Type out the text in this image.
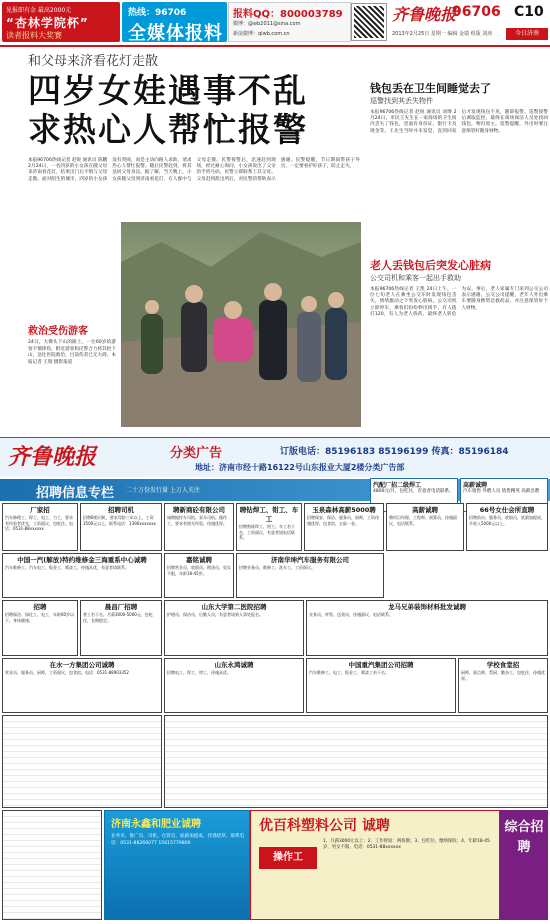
见报即有金 最高2000元
“杏林学院杯”
读者报料大奖赛
热线：96706
全媒体报料
报料QQ：800003789
微博：@wb2011@sina.com
新浪微博：qlwb.com.cn
齐鲁晚报
96706 C10
2013年2月25日 星期一 编辑 金瑞 组版 刘涛	今日济南
和父母来济看花灯走散
四岁女娃遇事不乱
求热心人帮忙报警
本报96706热线记者 赵锐 通讯员 陈鹏 2月24日，一名四岁的小女孩在随父母来济南看花灯，结果出门后不慎与父母走散。面对陌生的城市，四岁的小女孩没有哭闹，而是主动向路人求助，请求热心人帮忙报警。随后民警赶到，将其送回父母身边。据了解，当天晚上，小女孩随父母到济南看花灯，在人群中与父母走散。民警接警后，迅速赶到现场，经过耐心询问，小女孩说出了父亲的手机号码，民警立即联系上其父母。父母赶到派出所后，对民警的帮助表示感谢。民警提醒，节日期间带孩子外出，一定要看护好孩子，防止走失。
救治受伤游客
24日，大佛头下山的路上，一位60岁的游客不慎摔伤，附近游客和民警合力将其抬下山，送往医院救治，目前伤者已无大碍。本报记者 王瑞 摄影报道
钱包丢在卫生间睡觉去了
巡警找到其丢失物件
本报96706热线记者 赵锐 通讯员 刘博 2月24日，市民王先生在一家商场的卫生间内丢失了钱包，里面有身份证、银行卡及现金等。王先生当时并未发觉，直到回家后才发现钱包不见，随即报警。巡警接警后调取监控，最终在商场保洁人员处找回钱包，物归原主。巡警提醒，外出时要注意保管好随身财物。
老人丢钱包后突发心脏病
公交司机和乘客一起出手救助
本报96706热线记者 王凯 24日上午，一位七旬老人在乘坐公交车时发现钱包丢失，情绪激动之下突发心脏病。公交司机立即停车，乘客们纷纷伸出援手，有人拨打120，有人为老人找药，最终老人转危为安。事后，老人家属专门来到公交公司表示感谢。公交公司提醒，老年人外出乘车要随身携带急救药品，并注意保管好个人财物。
齐鲁晚报	分类广告	订版电话：85196183 85196199 传真：85196184
地址：济南市经十路16122号山东报业大厦2楼分类广告部
招聘信息专栏 二十万份发行量 上万人关注
汽配厂招二级焊工
4800元/月，包吃住，有意者电话联系。
高薪诚聘
汽车销售 外聘人员 销售精英 高薪急聘
厂家招

汽车修理工、焊工、电工、力工，要求有经验者优先，工资面议，包吃住。电话：0531-88xxxxxx

招聘司机

招聘B照司机，要求驾龄三年以上，工资3500元以上，联系电话：1396xxxxxxx

聘新商砼有限公司

诚聘搅拌车司机、泵车司机、操作工，要求有相关经验，待遇优厚。

聘钻焊工、钳工、车工

招聘熟练焊工、钳工、车工若干名，工资面议，有意者请电话联系。

玉泉森林高薪5000聘

招聘保安、保洁、服务员、厨师，工资待遇优厚，包食宿，五险一金。

高薪诚聘

聘项目经理、工程师、预算员，待遇面议，电话联系。

66号女仕会所直聘

招聘前台、服务员、收银员，底薪加提成，月收入5000元以上。

中国一汽(解放)特约维修金三海重系中心诚聘

汽车维修工、汽车电工、钣金工、喷漆工，待遇从优，有意者请联系。

嘉铭诚聘

招聘营业员、收银员、理货员，男女不限，年龄18-45岁。

济南华坤汽车服务有限公司

招聘业务员、维修工、洗车工，工资面议。

招聘

招聘保洁、绿化工、电工，年龄60岁以下，身体健康。

晨昌厂招聘

普工若干名，月薪3000-5000元，包吃住，长期稳定。

山东大学第二医院招聘

护理员、保洁员、后勤人员，有意者请到人事处报名。

龙马兄弟装饰材料批发诚聘

业务员、库管、送货员，待遇面议，电话联系。

在水一方集团公司诚聘

营业员、服务员、厨师，工资面议，包食宿。电话：0531-88903352

山东永鸿诚聘

招聘电工、焊工、钳工，待遇从优。

中国重汽集团公司招聘

汽车维修工、电工、钣金工、喷漆工若干名。

学校食堂招

厨师、面点师、帮厨、勤杂工，包吃住，待遇优厚。

济南永鑫和肥业诚聘
业务员、推广员、司机、仓管员，底薪加提成，待遇优厚，联系电话：0531-88266077 15615779806
优百科塑料公司 诚聘
操作工
1、月薪3000元以上；2、工作时间：两班倒；3、包吃住，缴纳保险；4、年龄18-45岁，男女不限。电话：0531-88xxxxxx
综合招聘
